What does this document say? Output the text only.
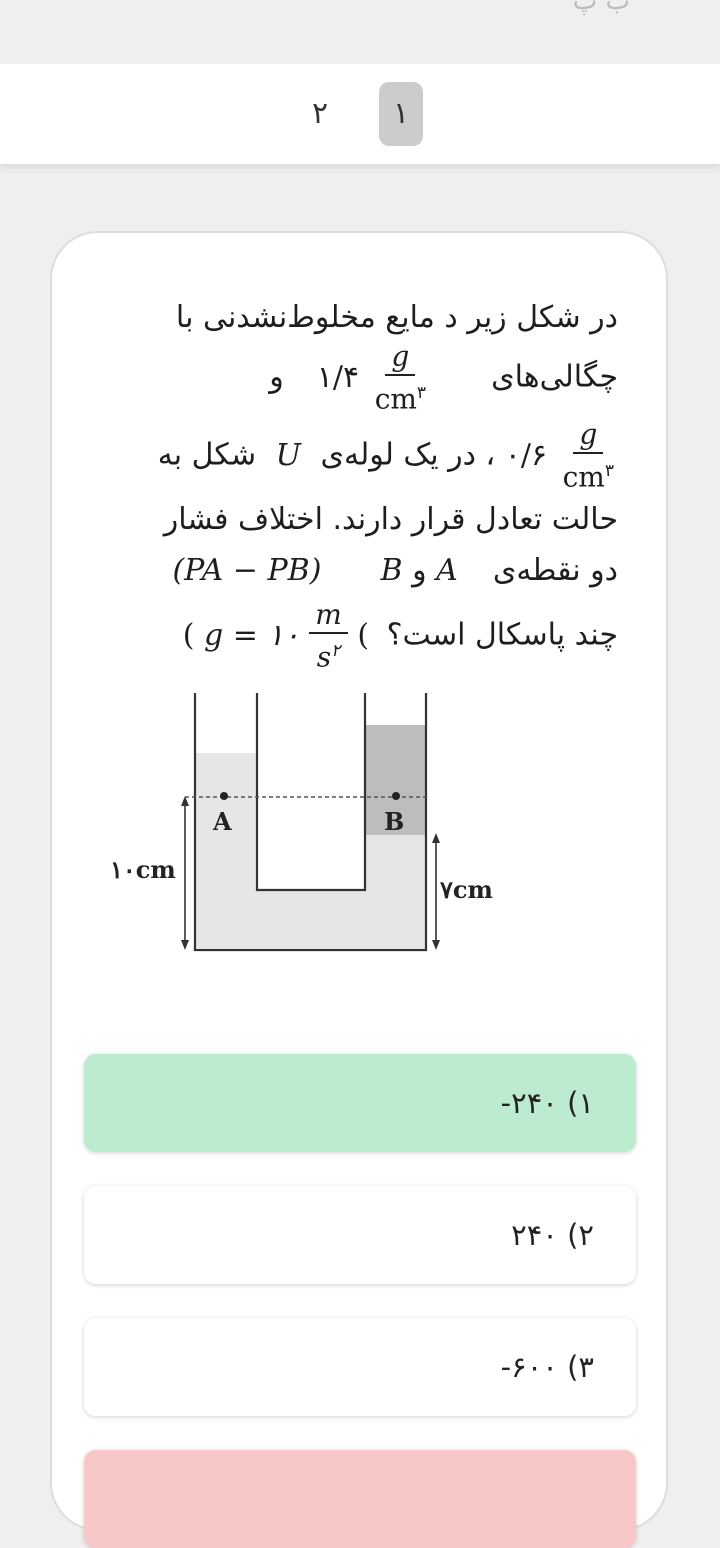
ب پ
۱
۲
در شکل زیر د مایع مخلوط‌نشدنی با
چگالی‌های
$\frac{g}{cm^۳}$
۱/۴  و
$\frac{g}{cm^۳}$
۰/۶ ، در یک لوله‌ی U شکل به
حالت تعادل قرار دارند. اختلاف فشار
دو نقطه‌ی  A و B  (PA − PB)
چند پاسکال است؟ (
$\frac{m}{s^۲}$
g = ۱۰ (
A	B
۱۰cm
۷cm
۱) ۲۴۰-
۲) ۲۴۰
۳) ۶۰۰-
